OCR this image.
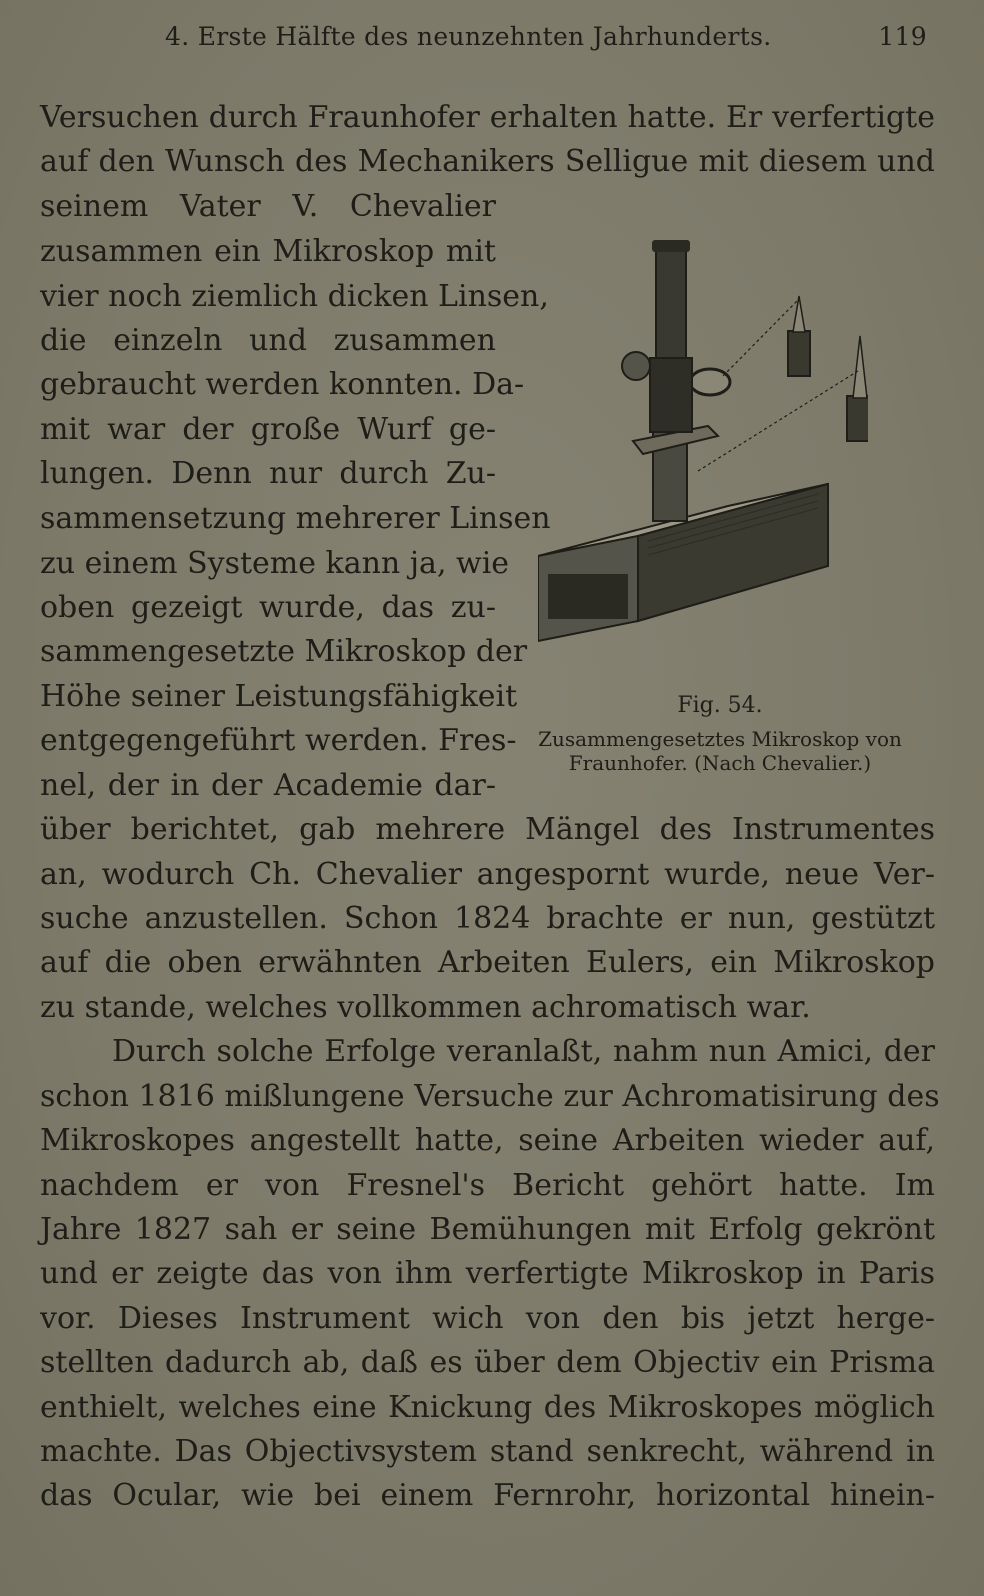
4. Erste Hälfte des neunzehnten Jahrhunderts.	119
Versuchen durch Fraunhofer erhalten hatte. Er verfertigte
auf den Wunsch des Mechanikers Selligue mit diesem und
seinem Vater V. Chevalier
zusammen ein Mikroskop mit
vier noch ziemlich dicken Linsen,
die einzeln und zusammen
gebraucht werden konnten. Da-
mit war der große Wurf ge-
lungen. Denn nur durch Zu-
sammensetzung mehrerer Linsen
zu einem Systeme kann ja, wie
oben gezeigt wurde, das zu-
sammengesetzte Mikroskop der
Höhe seiner Leistungsfähigkeit
entgegengeführt werden. Fres-
nel, der in der Academie dar-
über berichtet, gab mehrere Mängel des Instrumentes
an, wodurch Ch. Chevalier angespornt wurde, neue Ver-
suche anzustellen. Schon 1824 brachte er nun, gestützt
auf die oben erwähnten Arbeiten Eulers, ein Mikroskop
zu stande, welches vollkommen achromatisch war.
Durch solche Erfolge veranlaßt, nahm nun Amici, der
schon 1816 mißlungene Versuche zur Achromatisirung des
Mikroskopes angestellt hatte, seine Arbeiten wieder auf,
nachdem er von Fresnel's Bericht gehört hatte. Im
Jahre 1827 sah er seine Bemühungen mit Erfolg gekrönt
und er zeigte das von ihm verfertigte Mikroskop in Paris
vor. Dieses Instrument wich von den bis jetzt herge-
stellten dadurch ab, daß es über dem Objectiv ein Prisma
enthielt, welches eine Knickung des Mikroskopes möglich
machte. Das Objectivsystem stand senkrecht, während in
das Ocular, wie bei einem Fernrohr, horizontal hinein-
Fig. 54.
Zusammengesetztes Mikroskop von
Fraunhofer. (Nach Chevalier.)
